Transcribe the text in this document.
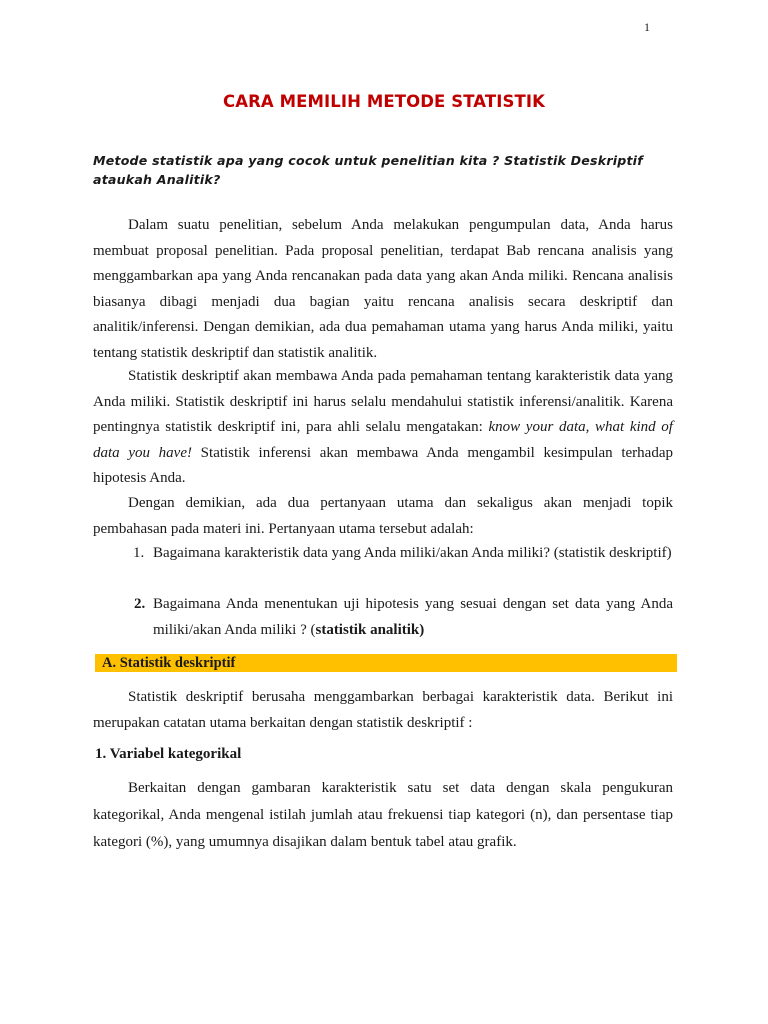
1
CARA MEMILIH METODE STATISTIK
Metode statistik apa yang cocok untuk penelitian kita ? Statistik Deskriptif ataukah Analitik?

Dalam suatu penelitian, sebelum Anda melakukan pengumpulan data, Anda harus membuat proposal penelitian. Pada proposal penelitian, terdapat Bab rencana analisis yang menggambarkan apa yang Anda rencanakan pada data yang akan Anda miliki. Rencana analisis biasanya dibagi menjadi dua bagian yaitu rencana analisis secara deskriptif dan analitik/inferensi. Dengan demikian, ada dua pemahaman utama yang harus Anda miliki, yaitu tentang statistik deskriptif dan statistik analitik.

Statistik deskriptif akan membawa Anda pada pemahaman tentang karakteristik data yang Anda miliki. Statistik deskriptif ini harus selalu mendahului statistik inferensi/analitik. Karena pentingnya statistik deskriptif ini, para ahli selalu mengatakan: know your data, what kind of data you have! Statistik inferensi akan membawa Anda mengambil kesimpulan terhadap hipotesis Anda.

Dengan demikian, ada dua pertanyaan utama dan sekaligus akan menjadi topik pembahasan pada materi ini. Pertanyaan utama tersebut adalah:

1. Bagaimana karakteristik data yang Anda miliki/akan Anda miliki? (statistik deskriptif)
2. Bagaimana Anda menentukan uji hipotesis yang sesuai dengan set data yang Anda miliki/akan Anda miliki ? (statistik analitik)
A. Statistik deskriptif

Statistik deskriptif berusaha menggambarkan berbagai karakteristik data. Berikut ini merupakan catatan utama berkaitan dengan statistik deskriptif :

1. Variabel kategorikal

Berkaitan dengan gambaran karakteristik satu set data dengan skala pengukuran kategorikal, Anda mengenal istilah jumlah atau frekuensi tiap kategori (n), dan persentase tiap kategori (%), yang umumnya disajikan dalam bentuk tabel atau grafik.
